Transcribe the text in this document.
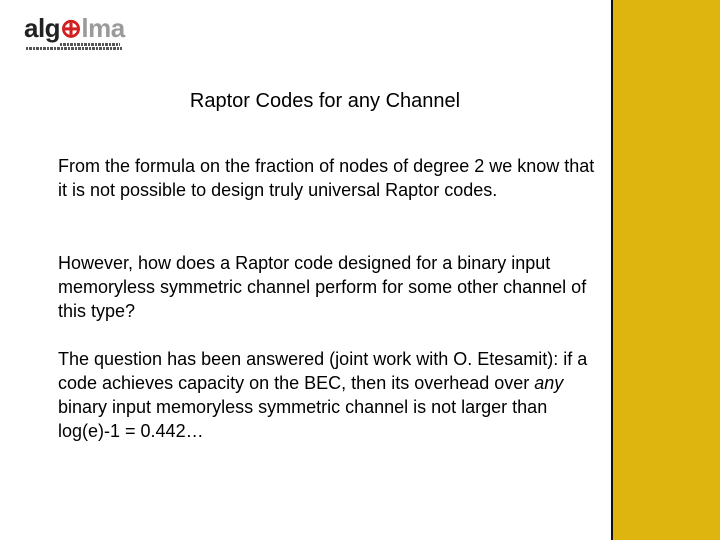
alg⊕lma
Raptor Codes for any Channel
From the formula on the fraction of nodes of degree 2 we know that it is not possible to design truly universal Raptor codes.
However, how does a Raptor code designed for a binary input memoryless symmetric channel perform for some other channel of this type?
The question has been answered (joint work with O. Etesamit): if a code achieves capacity on the BEC, then its overhead over any binary input memoryless symmetric channel is not larger than log(e)-1 = 0.442…
